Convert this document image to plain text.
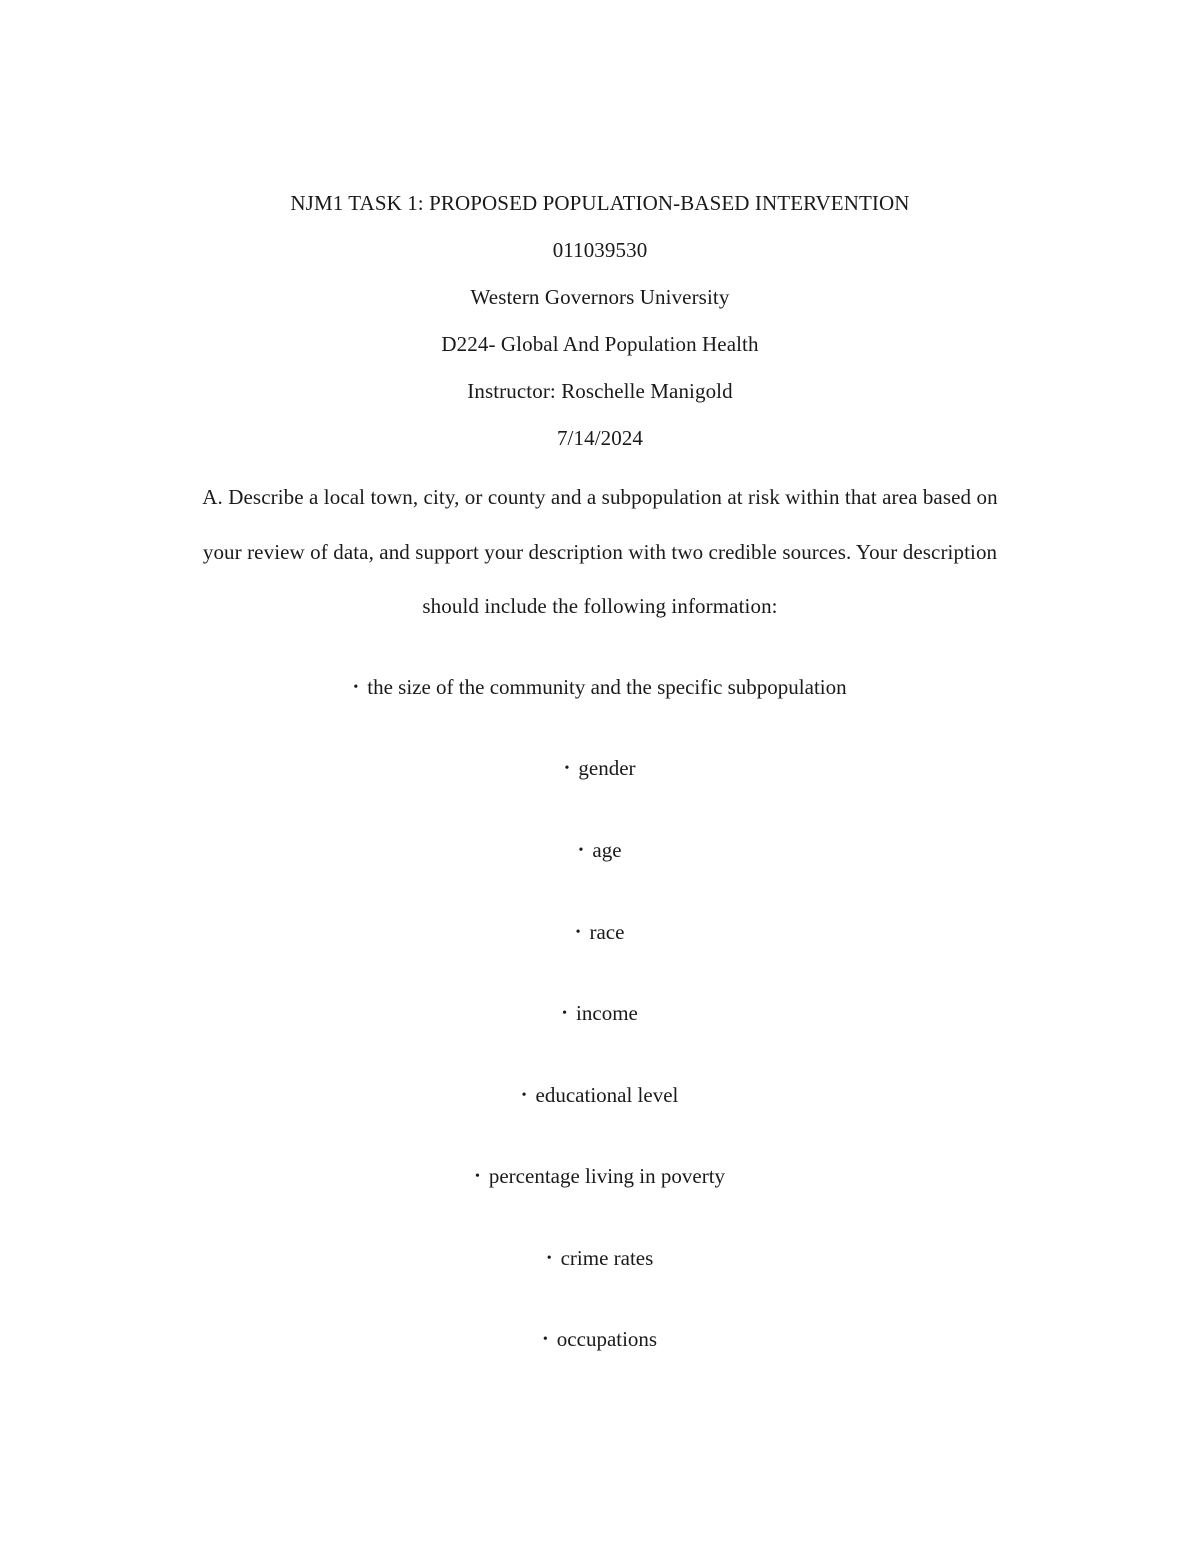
NJM1 TASK 1: PROPOSED POPULATION-BASED INTERVENTION
011039530
Western Governors University
D224- Global And Population Health
Instructor: Roschelle Manigold
7/14/2024
A. Describe a local town, city, or county and a subpopulation at risk within that area based on
your review of data, and support your description with two credible sources. Your description
should include the following information:
• the size of the community and the specific subpopulation
• gender
• age
• race
• income
• educational level
• percentage living in poverty
• crime rates
• occupations
